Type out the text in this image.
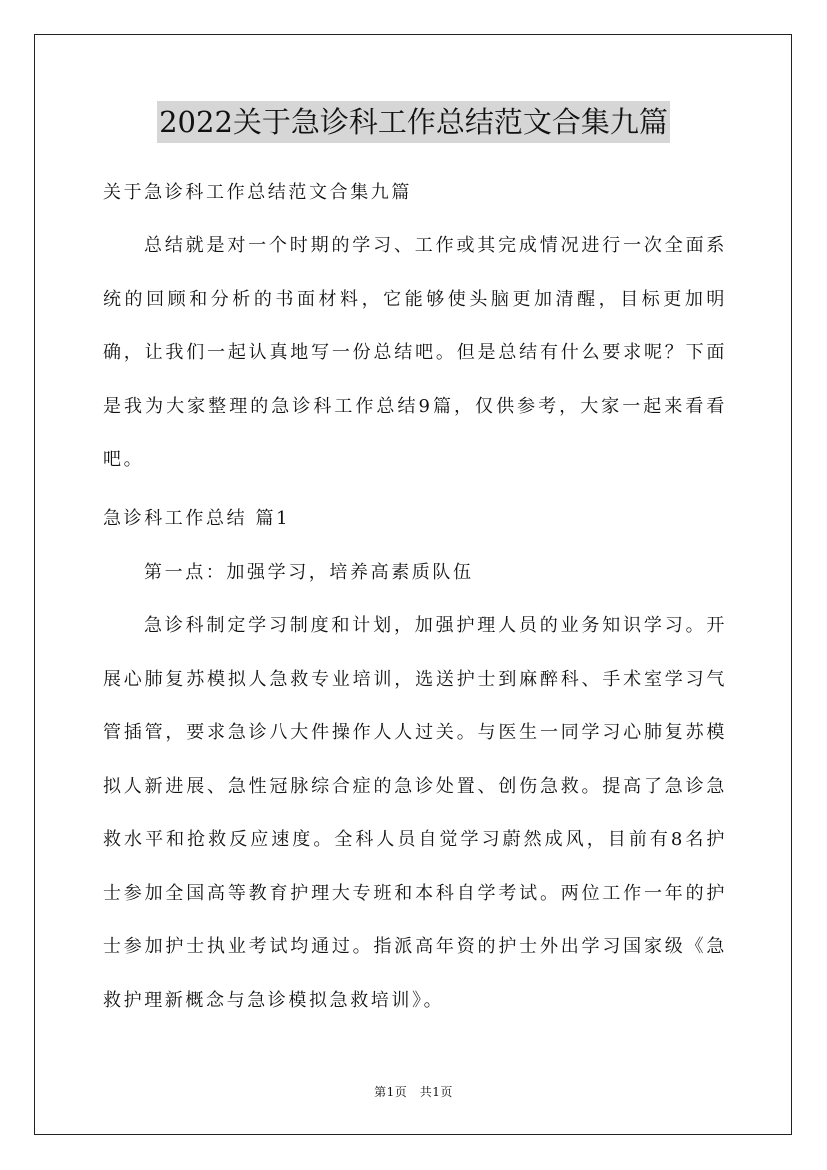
2022关于急诊科工作总结范文合集九篇
关于急诊科工作总结范文合集九篇
总结就是对一个时期的学习、工作或其完成情况进行一次全面系统的回顾和分析的书面材料，它能够使头脑更加清醒，目标更加明确，让我们一起认真地写一份总结吧。但是总结有什么要求呢？下面是我为大家整理的急诊科工作总结9篇，仅供参考，大家一起来看看吧。
急诊科工作总结 篇1
第一点：加强学习，培养高素质队伍
急诊科制定学习制度和计划，加强护理人员的业务知识学习。开展心肺复苏模拟人急救专业培训，选送护士到麻醉科、手术室学习气管插管，要求急诊八大件操作人人过关。与医生一同学习心肺复苏模拟人新进展、急性冠脉综合症的急诊处置、创伤急救。提高了急诊急救水平和抢救反应速度。全科人员自觉学习蔚然成风，目前有8名护士参加全国高等教育护理大专班和本科自学考试。两位工作一年的护士参加护士执业考试均通过。指派高年资的护士外出学习国家级《急救护理新概念与急诊模拟急救培训》。
第1页　共1页
